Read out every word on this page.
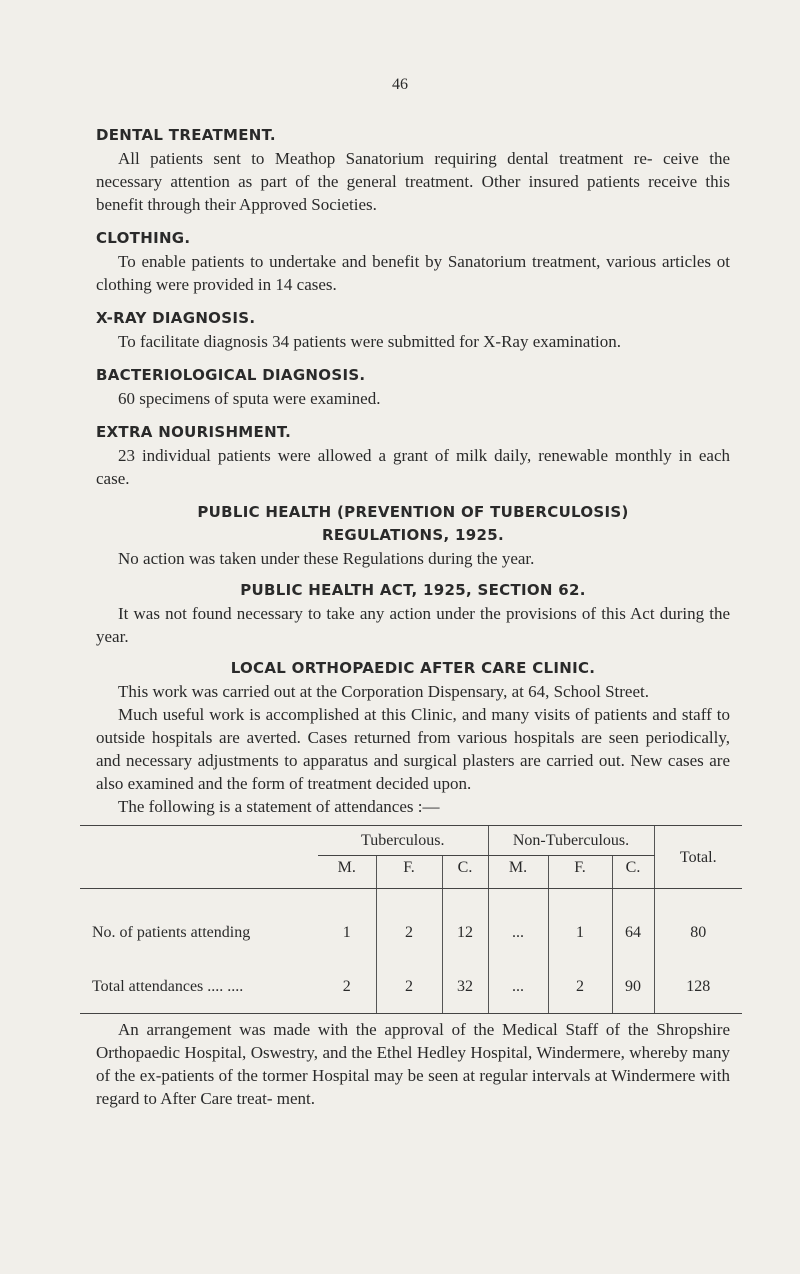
46
DENTAL TREATMENT.

All patients sent to Meathop Sanatorium requiring dental treatment re- ceive the necessary attention as part of the general treatment. Other insured patients receive this benefit through their Approved Societies.

CLOTHING.

To enable patients to undertake and benefit by Sanatorium treatment, various articles ot clothing were provided in 14 cases.

X-RAY DIAGNOSIS.

To facilitate diagnosis 34 patients were submitted for X-Ray examination.

BACTERIOLOGICAL DIAGNOSIS.

60 specimens of sputa were examined.

EXTRA NOURISHMENT.

23 individual patients were allowed a grant of milk daily, renewable monthly in each case.

PUBLIC HEALTH (PREVENTION OF TUBERCULOSIS)
REGULATIONS, 1925.

No action was taken under these Regulations during the year.

PUBLIC HEALTH ACT, 1925, SECTION 62.

It was not found necessary to take any action under the provisions of this Act during the year.

LOCAL ORTHOPAEDIC AFTER CARE CLINIC.

This work was carried out at the Corporation Dispensary, at 64, School Street.

Much useful work is accomplished at this Clinic, and many visits of patients and staff to outside hospitals are averted. Cases returned from various hospitals are seen periodically, and necessary adjustments to apparatus and surgical plasters are carried out. New cases are also examined and the form of treatment decided upon.

The following is a statement of attendances :—

	Tuberculous.			Non-Tuberculous.			Total.
	M.	F.	C.	M.	F.	C.	

No. of patients attending	1	2	12	...	1	64	80
Total attendances .... ....	2	2	32	...	2	90	128

An arrangement was made with the approval of the Medical Staff of the Shropshire Orthopaedic Hospital, Oswestry, and the Ethel Hedley Hospital, Windermere, whereby many of the ex-patients of the tormer Hospital may be seen at regular intervals at Windermere with regard to After Care treat- ment.
